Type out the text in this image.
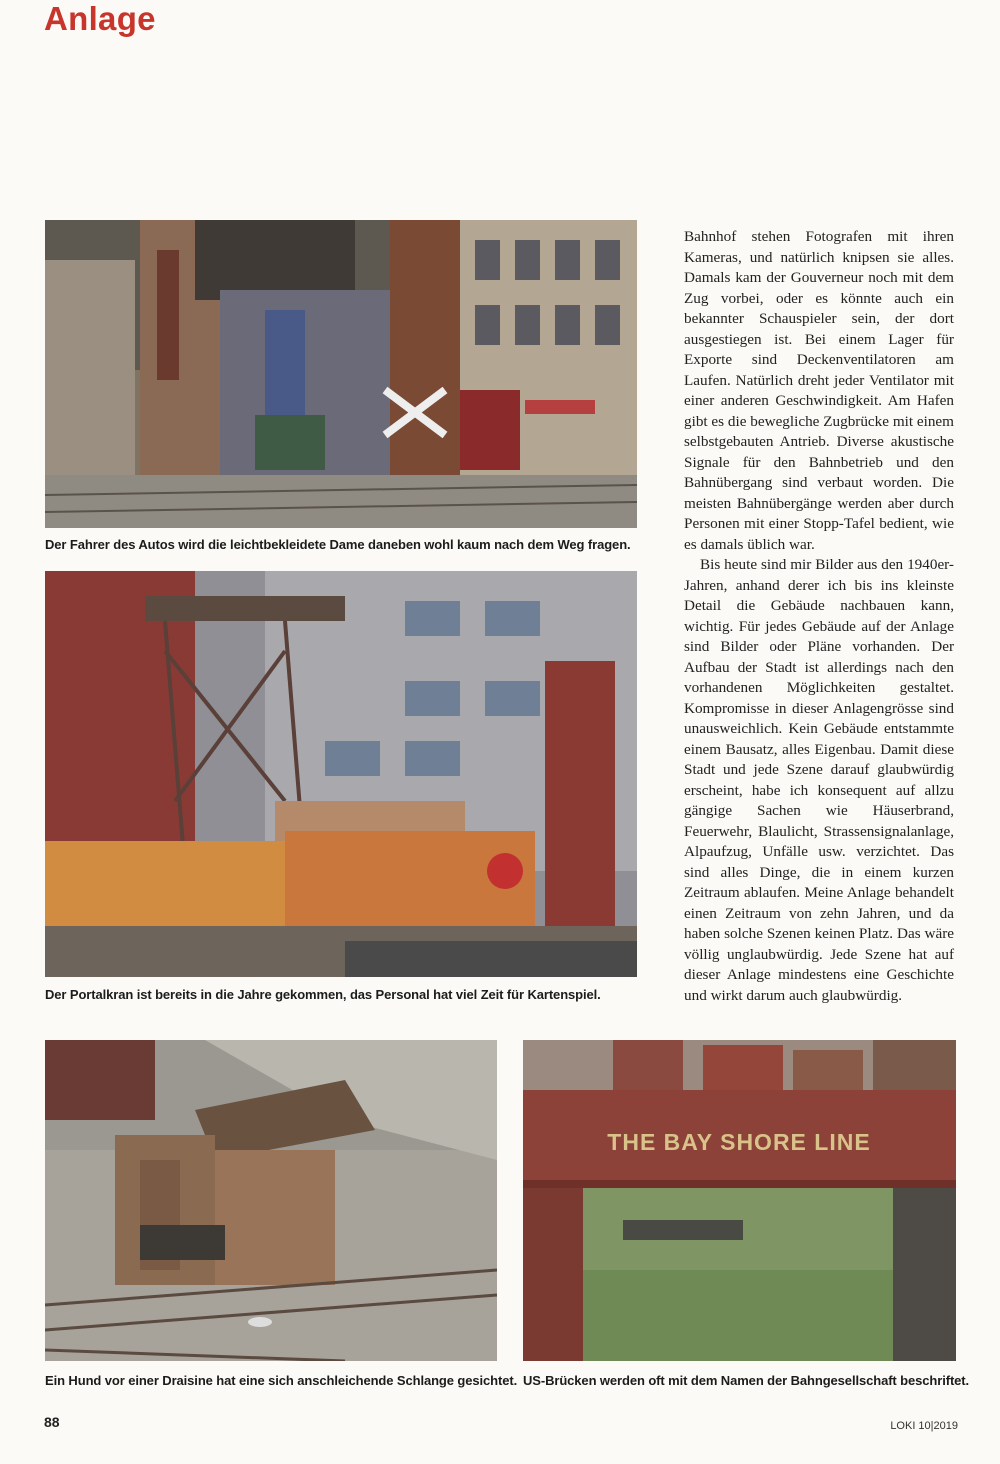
Anlage
Der Fahrer des Autos wird die leichtbekleidete Dame daneben wohl kaum nach dem Weg fragen.
Der Portalkran ist bereits in die Jahre gekommen, das Personal hat viel Zeit für Kartenspiel.
Ein Hund vor einer Draisine hat eine sich anschleichende Schlange gesichtet.
THE BAY SHORE LINE
US-Brücken werden oft mit dem Namen der Bahngesellschaft beschriftet.

Bahnhof stehen Fotografen mit ihren Kameras, und natürlich knipsen sie alles. Damals kam der Gouverneur noch mit dem Zug vorbei, oder es könnte auch ein bekannter Schauspieler sein, der dort ausgestiegen ist. Bei einem Lager für Exporte sind Deckenventilatoren am Laufen. Natürlich dreht jeder Ventilator mit einer anderen Geschwindigkeit. Am Hafen gibt es die bewegliche Zugbrücke mit einem selbstgebauten Antrieb. Diverse akustische Signale für den Bahnbetrieb und den Bahnübergang sind verbaut worden. Die meisten Bahnübergänge werden aber durch Personen mit einer Stopp-Tafel bedient, wie es damals üblich war.

Bis heute sind mir Bilder aus den 1940er-Jahren, anhand derer ich bis ins kleinste Detail die Gebäude nachbauen kann, wichtig. Für jedes Gebäude auf der Anlage sind Bilder oder Pläne vorhanden. Der Aufbau der Stadt ist allerdings nach den vorhandenen Möglichkeiten gestaltet. Kompromisse in dieser Anlagengrösse sind unausweichlich. Kein Gebäude entstammte einem Bausatz, alles Eigenbau. Damit diese Stadt und jede Szene darauf glaubwürdig erscheint, habe ich konsequent auf allzu gängige Sachen wie Häuserbrand, Feuerwehr, Blaulicht, Strassensignalanlage, Alpaufzug, Unfälle usw. verzichtet. Das sind alles Dinge, die in einem kurzen Zeitraum ablaufen. Meine Anlage behandelt einen Zeitraum von zehn Jahren, und da haben solche Szenen keinen Platz. Das wäre völlig unglaubwürdig. Jede Szene hat auf dieser Anlage mindestens eine Geschichte und wirkt darum auch glaubwürdig.

88	LOKI 10|2019
